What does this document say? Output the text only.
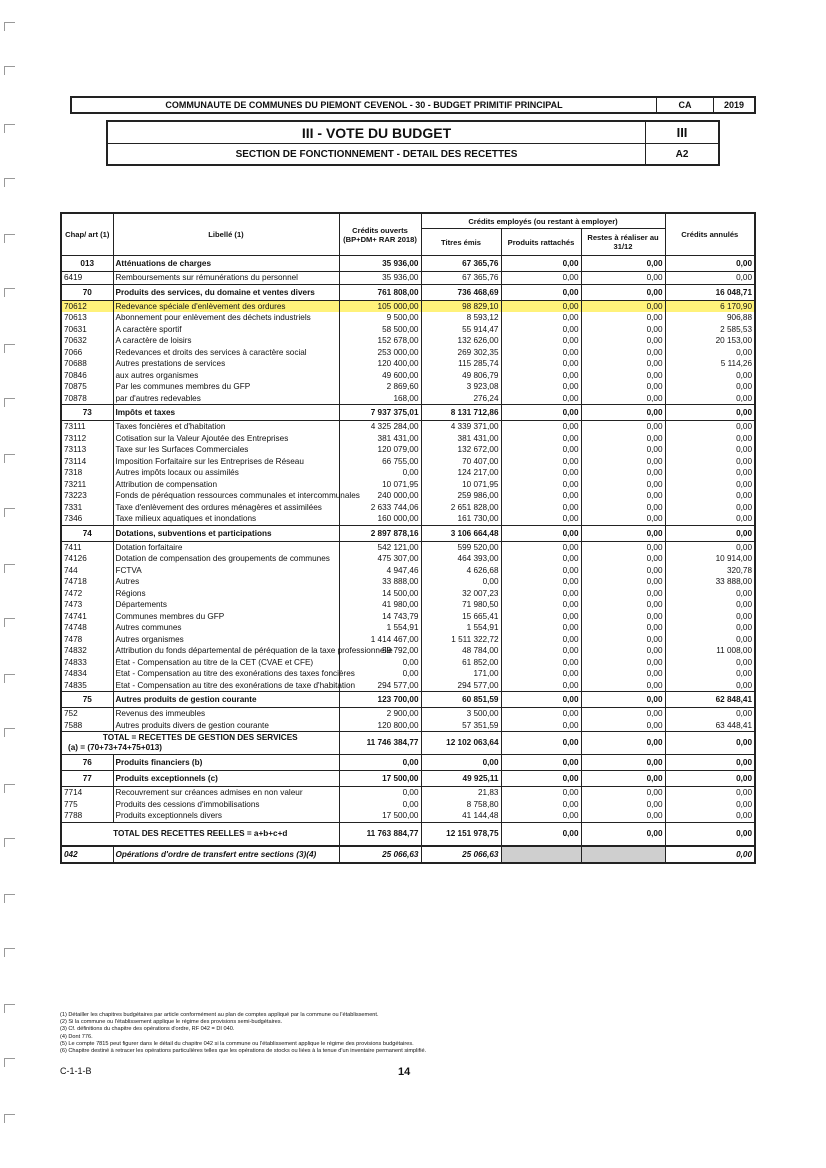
COMMUNAUTE DE COMMUNES DU PIEMONT CEVENOL - 30 - BUDGET PRIMITIF PRINCIPAL	CA	2019
III - VOTE DU BUDGET	III
SECTION DE FONCTIONNEMENT - DETAIL DES RECETTES	A2
Chap/ art (1)	Libellé (1)	Crédits ouverts (BP+DM+ RAR 2018)	Crédits employés (ou restant à employer)			Crédits annulés
			Titres émis	Produits rattachés	Restes à réaliser au 31/12	
013	Atténuations de charges	35 936,00	67 365,76	0,00	0,00	0,00
6419	Remboursements sur rémunérations du personnel	35 936,00	67 365,76	0,00	0,00	0,00
70	Produits des services, du domaine et ventes divers	761 808,00	736 468,69	0,00	0,00	16 048,71
70612	Redevance spéciale d'enlèvement des ordures	105 000,00	98 829,10	0,00	0,00	6 170,90
70613	Abonnement pour enlèvement des déchets industriels	9 500,00	8 593,12	0,00	0,00	906,88
70631	A caractère sportif	58 500,00	55 914,47	0,00	0,00	2 585,53
70632	A caractère de loisirs	152 678,00	132 626,00	0,00	0,00	20 153,00
7066	Redevances et droits des services à caractère social	253 000,00	269 302,35	0,00	0,00	0,00
70688	Autres prestations de services	120 400,00	115 285,74	0,00	0,00	5 114,26
70846	aux autres organismes	49 600,00	49 806,79	0,00	0,00	0,00
70875	Par les communes membres du GFP	2 869,60	3 923,08	0,00	0,00	0,00
70878	par d'autres redevables	168,00	276,24	0,00	0,00	0,00
73	Impôts et taxes	7 937 375,01	8 131 712,86	0,00	0,00	0,00
73111	Taxes foncières et d'habitation	4 325 284,00	4 339 371,00	0,00	0,00	0,00
73112	Cotisation sur la Valeur Ajoutée des Entreprises	381 431,00	381 431,00	0,00	0,00	0,00
73113	Taxe sur les Surfaces Commerciales	120 079,00	132 672,00	0,00	0,00	0,00
73114	Imposition Forfaitaire sur les Entreprises de Réseau	66 755,00	70 407,00	0,00	0,00	0,00
7318	Autres impôts locaux ou assimilés	0,00	124 217,00	0,00	0,00	0,00
73211	Attribution de compensation	10 071,95	10 071,95	0,00	0,00	0,00
73223	Fonds de péréquation ressources communales et intercommunales	240 000,00	259 986,00	0,00	0,00	0,00
7331	Taxe d'enlèvement des ordures ménagères et assimilées	2 633 744,06	2 651 828,00	0,00	0,00	0,00
7346	Taxe milieux aquatiques et inondations	160 000,00	161 730,00	0,00	0,00	0,00
74	Dotations, subventions et participations	2 897 878,16	3 106 664,48	0,00	0,00	0,00
7411	Dotation forfaitaire	542 121,00	599 520,00	0,00	0,00	0,00
74126	Dotation de compensation des groupements de communes	475 307,00	464 393,00	0,00	0,00	10 914,00
744	FCTVA	4 947,46	4 626,68	0,00	0,00	320,78
74718	Autres	33 888,00	0,00	0,00	0,00	33 888,00
7472	Régions	14 500,00	32 007,23	0,00	0,00	0,00
7473	Départements	41 980,00	71 980,50	0,00	0,00	0,00
74741	Communes membres du GFP	14 743,79	15 665,41	0,00	0,00	0,00
74748	Autres communes	1 554,91	1 554,91	0,00	0,00	0,00
7478	Autres organismes	1 414 467,00	1 511 322,72	0,00	0,00	0,00
74832	Attribution du fonds départemental de péréquation de la taxe professionnelle	59 792,00	48 784,00	0,00	0,00	11 008,00
74833	Etat - Compensation au titre de la CET (CVAE et CFE)	0,00	61 852,00	0,00	0,00	0,00
74834	Etat - Compensation au titre des exonérations des taxes foncières	0,00	171,00	0,00	0,00	0,00
74835	Etat - Compensation au titre des exonérations de taxe d'habitation	294 577,00	294 577,00	0,00	0,00	0,00
75	Autres produits de gestion courante	123 700,00	60 851,59	0,00	0,00	62 848,41
752	Revenus des immeubles	2 900,00	3 500,00	0,00	0,00	0,00
7588	Autres produits divers de gestion courante	120 800,00	57 351,59	0,00	0,00	63 448,41

TOTAL = RECETTES DE GESTION DES SERVICES
(a) = (70+73+74+75+013)		11 746 384,77	12 102 063,64	0,00	0,00	0,00
76	Produits financiers (b)	0,00	0,00	0,00	0,00	0,00
77	Produits exceptionnels (c)	17 500,00	49 925,11	0,00	0,00	0,00
7714	Recouvrement sur créances admises en non valeur	0,00	21,83	0,00	0,00	0,00
775	Produits des cessions d'immobilisations	0,00	8 758,80	0,00	0,00	0,00
7788	Produits exceptionnels divers	17 500,00	41 144,48	0,00	0,00	0,00

TOTAL DES RECETTES REELLES = a+b+c+d		11 763 884,77	12 151 978,75	0,00	0,00	0,00
042	Opérations d'ordre de transfert entre sections (3)(4)	25 066,63	25 066,63			0,00
(1) Détailler les chapitres budgétaires par article conformément au plan de comptes appliqué par la commune ou l'établissement.
(2) Si la commune ou l'établissement applique le régime des provisions semi-budgétaires.
(3) Cf. définitions du chapitre des opérations d'ordre, RF 042 = DI 040.
(4) Dont 776.
(5) Le compte 7815 peut figurer dans le détail du chapitre 042 si la commune ou l'établissement applique le régime des provisions budgétaires.
(6) Chapitre destiné à retracer les opérations particulières telles que les opérations de stocks ou liées à la tenue d'un inventaire permanent simplifié.
C-1-1-B	14
